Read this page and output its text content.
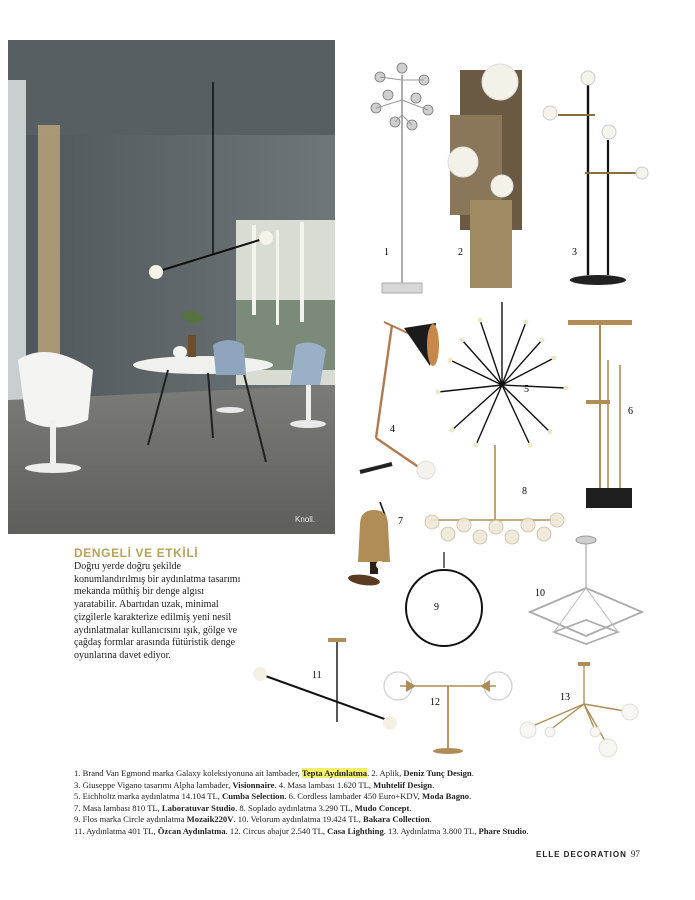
Knoll.
DENGELİ VE ETKİLİ
Doğru yerde doğru şekilde konumlandırılmış bir aydınlatma tasarımı mekanda müthiş bir denge algısı yaratabilir. Abartıdan uzak, minimal çizgilerle karakterize edilmiş yeni nesil aydınlatmalar kullanıcısını ışık, gölge ve çağdaş formlar arasında fütüristik denge oyunlarına davet ediyor.
1	2	3
4
5
6
7
8
9
10
11
12	13
1. Brand Van Egmond marka Galaxy koleksiyonuna ait lambader, Tepta Aydınlatma. 2. Aplik, Deniz Tunç Design.
3. Giuseppe Vigano tasarımı Alpha lambader, Visionnaire. 4. Masa lambası 1.620 TL, Muhtelif Design.
5. Eichholtz marka aydınlatma 14.104 TL, Cumba Selection. 6. Cordless lambader 450 Euro+KDV, Moda Bagno.
7. Masa lambası 810 TL, Laboratuvar Studio. 8. Soplado aydınlatma 3.290 TL, Mudo Concept.
9. Flos marka Circle aydınlatma Mozaik220V. 10. Velorum aydınlatma 19.424 TL, Bakara Collection.
11. Aydınlatma 401 TL, Özcan Aydınlatma. 12. Circus abajur 2.540 TL, Casa Lighthing. 13. Aydınlatma 3.800 TL, Phare Studio.
ELLE DECORATION 97
